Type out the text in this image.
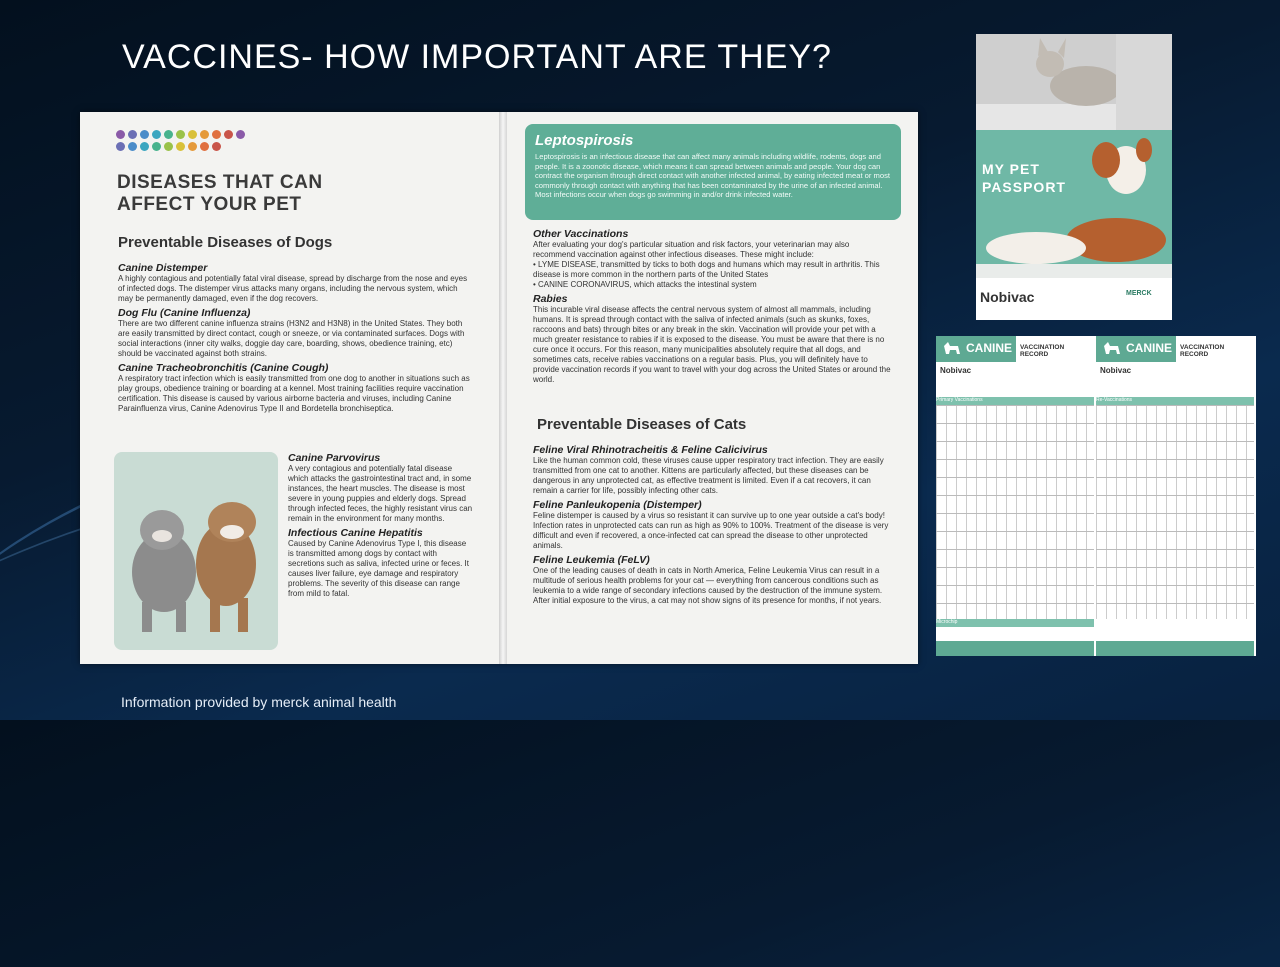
VACCINES- HOW IMPORTANT ARE THEY?
DISEASES THAT CAN
AFFECT YOUR PET
Preventable Diseases of Dogs

Canine Distemper

A highly contagious and potentially fatal viral disease, spread by discharge from the nose and eyes of infected dogs. The distemper virus attacks many organs, including the nervous system, which may be permanently damaged, even if the dog recovers.

Dog Flu (Canine Influenza)

There are two different canine influenza strains (H3N2 and H3N8) in the United States. They both are easily transmitted by direct contact, cough or sneeze, or via contaminated surfaces. Dogs with social interactions (inner city walks, doggie day care, boarding, shows, obedience training, etc) should be vaccinated against both strains.

Canine Tracheobronchitis (Canine Cough)

A respiratory tract infection which is easily transmitted from one dog to another in situations such as play groups, obedience training or boarding at a kennel. Most training facilities require vaccination certification. This disease is caused by various airborne bacteria and viruses, including Canine Parainfluenza virus, Canine Adenovirus Type II and Bordetella bronchiseptica.

Canine Parvovirus

A very contagious and potentially fatal disease which attacks the gastrointestinal tract and, in some instances, the heart muscles. The disease is most severe in young puppies and elderly dogs. Spread through infected feces, the highly resistant virus can remain in the environment for many months.

Infectious Canine Hepatitis

Caused by Canine Adenovirus Type I, this disease is transmitted among dogs by contact with secretions such as saliva, infected urine or feces. It causes liver failure, eye damage and respiratory problems. The severity of this disease can range from mild to fatal.

Leptospirosis
Leptospirosis is an infectious disease that can affect many animals including wildlife, rodents, dogs and people. It is a zoonotic disease, which means it can spread between animals and people. Your dog can contract the organism through direct contact with another infected animal, by eating infected meat or most commonly through contact with anything that has been contaminated by the urine of an infected animal. Most infections occur when dogs go swimming in and/or drink infected water.

Other Vaccinations

After evaluating your dog's particular situation and risk factors, your veterinarian may also recommend vaccination against other infectious diseases. These might include:

• LYME DISEASE, transmitted by ticks to both dogs and humans which may result in arthritis. This disease is more common in the northern parts of the United States

• CANINE CORONAVIRUS, which attacks the intestinal system

Rabies

This incurable viral disease affects the central nervous system of almost all mammals, including humans. It is spread through contact with the saliva of infected animals (such as skunks, foxes, raccoons and bats) through bites or any break in the skin. Vaccination will provide your pet with a much greater resistance to rabies if it is exposed to the disease. You must be aware that there is no cure once it occurs. For this reason, many municipalities absolutely require that all dogs, and sometimes cats, receive rabies vaccinations on a regular basis. Plus, you will definitely have to provide vaccination records if you want to travel with your dog across the United States or around the world.

Preventable Diseases of Cats

Feline Viral Rhinotracheitis & Feline Calicivirus

Like the human common cold, these viruses cause upper respiratory tract infection. They are easily transmitted from one cat to another. Kittens are particularly affected, but these diseases can be dangerous in any unprotected cat, as effective treatment is limited. Even if a cat recovers, it can remain a carrier for life, possibly infecting other cats.

Feline Panleukopenia (Distemper)

Feline distemper is caused by a virus so resistant it can survive up to one year outside a cat's body! Infection rates in unprotected cats can run as high as 90% to 100%. Treatment of the disease is very difficult and even if recovered, a once-infected cat can spread the disease to other unprotected animals.

Feline Leukemia (FeLV)

One of the leading causes of death in cats in North America, Feline Leukemia Virus can result in a multitude of serious health problems for your cat — everything from cancerous conditions such as leukemia to a wide range of secondary infections caused by the destruction of the immune system. After initial exposure to the virus, a cat may not show signs of its presence for months, if not years.

MY PET
PASSPORT
Nobivac	MERCK
CANINE VACCINATION RECORD
Nobivac
Primary Vaccinations
Microchip
CANINE VACCINATION RECORD
Nobivac
Re-Vaccinations
Information provided by merck animal health
